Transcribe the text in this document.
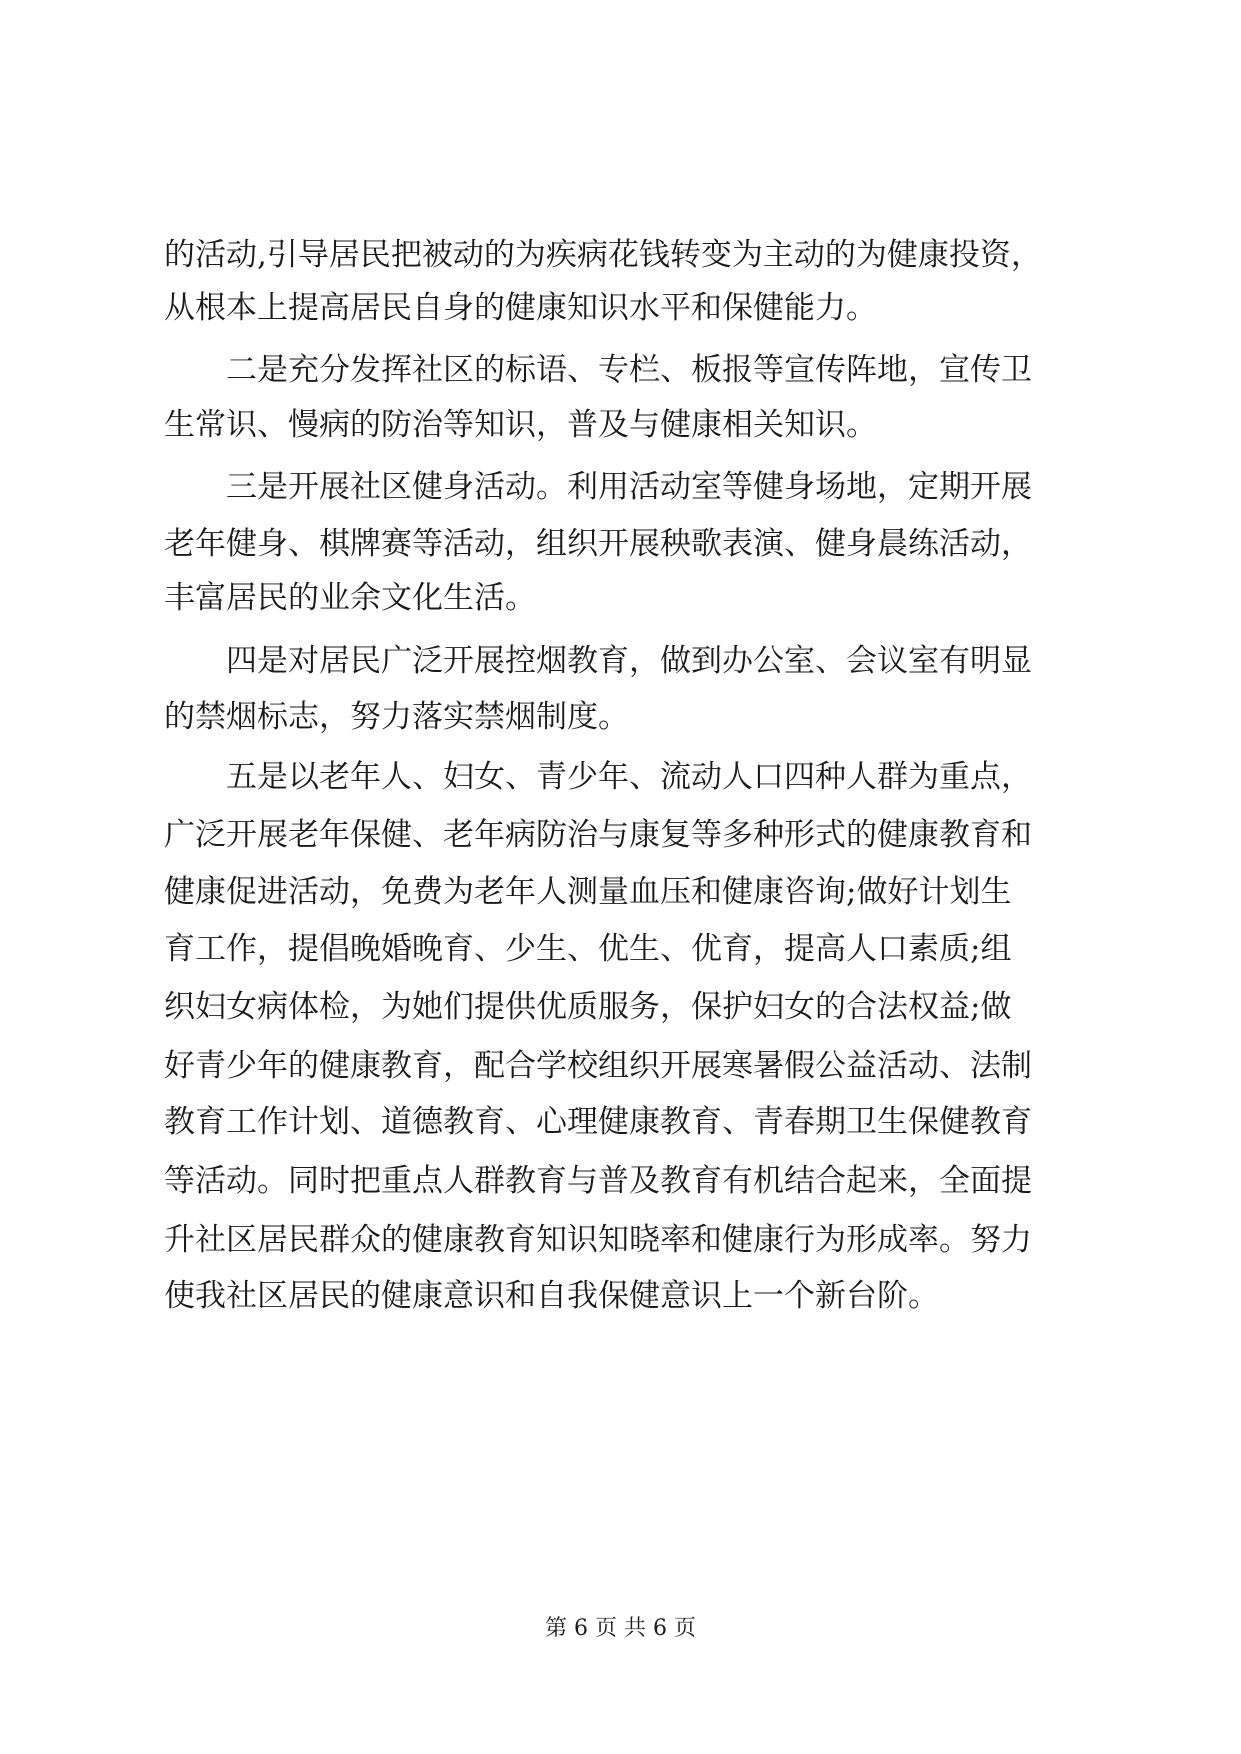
的活动,引导居民把被动的为疾病花钱转变为主动的为健康投资，
从根本上提高居民自身的健康知识水平和保健能力。
二是充分发挥社区的标语、专栏、板报等宣传阵地，宣传卫
生常识、慢病的防治等知识，普及与健康相关知识。
三是开展社区健身活动。利用活动室等健身场地，定期开展
老年健身、棋牌赛等活动，组织开展秧歌表演、健身晨练活动，
丰富居民的业余文化生活。
四是对居民广泛开展控烟教育，做到办公室、会议室有明显
的禁烟标志，努力落实禁烟制度。
五是以老年人、妇女、青少年、流动人口四种人群为重点，
广泛开展老年保健、老年病防治与康复等多种形式的健康教育和
健康促进活动，免费为老年人测量血压和健康咨询;做好计划生
育工作，提倡晚婚晚育、少生、优生、优育，提高人口素质;组
织妇女病体检，为她们提供优质服务，保护妇女的合法权益;做
好青少年的健康教育，配合学校组织开展寒暑假公益活动、法制
教育工作计划、道德教育、心理健康教育、青春期卫生保健教育
等活动。同时把重点人群教育与普及教育有机结合起来，全面提
升社区居民群众的健康教育知识知晓率和健康行为形成率。努力
使我社区居民的健康意识和自我保健意识上一个新台阶。
第 6 页 共 6 页
